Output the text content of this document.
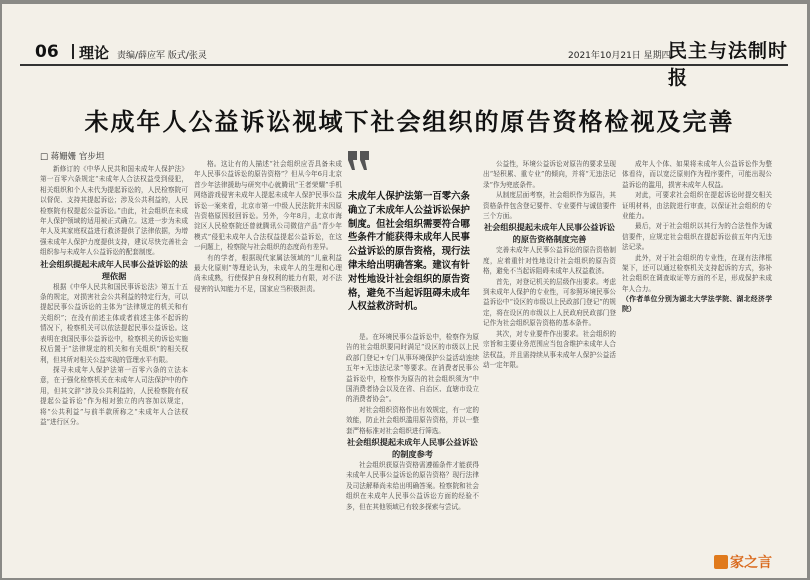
06 理论 责编/薛应军 版式/张灵	2021年10月21日 星期四
民主与法制时报
未成年人公益诉讼视域下社会组织的原告资格检视及完善
□ 蒋姗姗 官步坦

新修订的《中华人民共和国未成年人保护法》第一百零六条规定“未成年人合法权益受到侵犯，相关组织和个人未代为提起诉讼的，人民检察院可以督促、支持其提起诉讼；涉及公共利益的，人民检察院有权提起公益诉讼。”由此，社会组织在未成年人保护领域的适用被正式确立。这进一步为未成年人及其家庭权益进行救济提供了法律依据，为增强未成年人保护力度提供支持，建议尽快完善社会组织参与未成年人公益诉讼的配套制度。

社会组织提起未成年人民事公益诉讼的法理依据

根据《中华人民共和国民事诉讼法》第五十五条的规定，对损害社会公共利益的特定行为，可以提起民事公益诉讼的主体为“法律规定的机关和有关组织”；在没有前述主体或者前述主体不起诉的情况下，检察机关可以依法提起民事公益诉讼。这表明在我国民事公益诉讼中，检察机关的诉讼实施权后置于“法律规定的机关和有关组织”的相关权利，但其所对相关公益实现的管理水平有限。

探寻未成年人保护法第一百零六条的立法本意，在于强化检察机关在未成年人司法保护中的作用，但其文辞“涉及公共利益的，人民检察院有权提起公益诉讼”作为相对独立的内容加以规定，将“公共利益”与前半款所称之“未成年人合法权益”进行区分。

格。这让有的人描述“社会组织应否具备未成年人民事公益诉讼的原告资格”？但从今年6月北京首少年法律援助与研究中心就腾讯“王者荣耀”手机网络游戏侵害未成年人提起未成年人保护民事公益诉讼一案来看，北京市第一中级人民法院并未因原告资格原因驳回诉讼。另外，今年8月，北京市海淀区人民检察院还曾就腾讯公司微信产品“青少年模式”侵犯未成年人合法权益提起公益诉讼，在这一问题上，检察院与社会组织的态度尚有差异。

有的学者，根据现代家属法领域的“儿童利益最大化原则”等理论认为，未成年人的生理和心理尚未成熟，行使保护自身权利的能力有限，对不法侵害的认知能力不足，国家应当积极担责。

未成年人保护法第一百零六条确立了未成年人公益诉讼保护制度。但社会组织需要符合哪些条件才能获得未成年人民事公益诉讼的原告资格，现行法律未给出明确答案。建议有针对性地设计社会组织的原告资格，避免不当起诉阻碍未成年人权益救济时机。

是。在环境民事公益诉讼中，检察作为原告的社会组织要同时满足“设区的市级以上民政部门登记+专门从事环境保护公益活动连续五年+无违法记录”等要求。在消费者民事公益诉讼中，检察作为原告的社会组织须为“中国消费者协会以及在省、自治区、直辖市设立的消费者协会”。

对社会组织资格作出有效规定，有一定的效能，防止社会组织滥用原告资格，并以一整套严格标准对社会组织进行筛选。

社会组织提起未成年人民事公益诉讼的制度参考

社会组织获原告资格需遵循条件才能获得未成年人民事公益诉讼的原告资格？现行法律及司法解释尚未给出明确答案。检察院和社会组织在未成年人民事公益诉讼方面的经验不多，但在其他领域已有较多探索与尝试。

公益性，环境公益诉讼对原告的要求呈现出“轻积累、重专业”的倾向，并将“无违法记录”作为兜底条件。

从制度层面考察，社会组织作为原告，其资格条件包含登记要件、专业要件与诚信要件三个方面。

社会组织提起未成年人民事公益诉讼的原告资格制度完善

完善未成年人民事公益诉讼的原告资格制度，应着重针对性地设计社会组织的原告资格，避免不当起诉阻碍未成年人权益救济。

首先，对登记机关的层级作出要求。考虑到未成年人保护的专业性，可参照环境民事公益诉讼中“设区的市级以上民政部门登记”的规定，将在设区的市级以上人民政府民政部门登记作为社会组织原告资格的基本条件。

其次，对专业要件作出要求。社会组织的宗旨和主要业务范围应当包含维护未成年人合法权益，并且需持续从事未成年人保护公益活动一定年限。

成年人个体、如果将未成年人公益诉讼作为整体看待，而以宽泛原则作为程序要件，可能出现公益诉讼的滥用，损害未成年人权益。

对此，可要求社会组织在提起诉讼时提交相关证明材料，由法院进行审查，以保证社会组织的专业能力。

最后，对于社会组织以其行为的合法性作为诚信要件，应规定社会组织在提起诉讼前五年内无违法记录。

此外，对于社会组织的专业性，在现有法律框架下，还可以通过检察机关支持起诉的方式，弥补社会组织在调查取证等方面的不足，形成保护未成年人合力。

（作者单位分别为湖北大学法学院、湖北经济学院）

家之言
